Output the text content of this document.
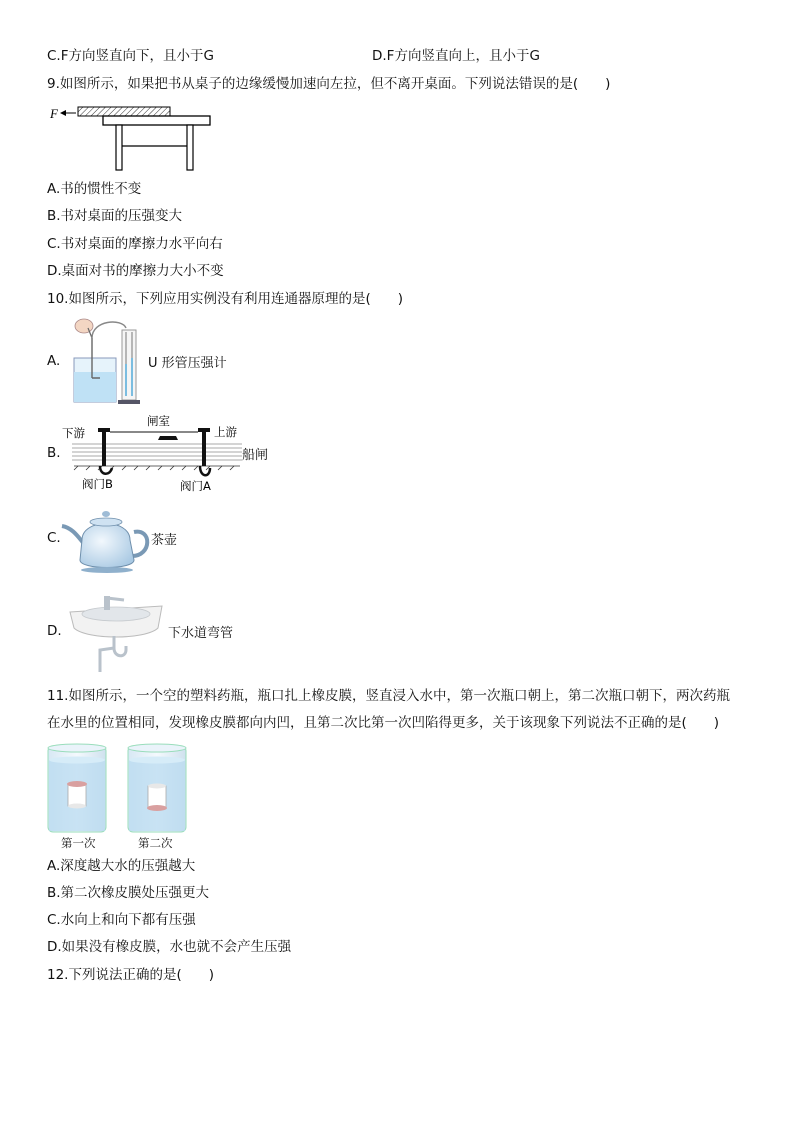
C.F方向竖直向下，且小于G	D.F方向竖直向上，且小于G
9.如图所示，如果把书从桌子的边缘缓慢加速向左拉，但不离开桌面。下列说法错误的是(　　)
F
A.书的惯性不变
B.书对桌面的压强变大
C.书对桌面的摩擦力水平向右
D.桌面对书的摩擦力大小不变
10.如图所示，下列应用实例没有利用连通器原理的是(　　)
A.	U 形管压强计
B.
下游
闸室
上游
阀门B	阀门A
船闸
C.	茶壶
D.	下水道弯管
11.如图所示，一个空的塑料药瓶，瓶口扎上橡皮膜，竖直浸入水中，第一次瓶口朝上，第二次瓶口朝下，两次药瓶
在水里的位置相同，发现橡皮膜都向内凹，且第二次比第一次凹陷得更多，关于该现象下列说法不正确的是(　　)
第一次	第二次
A.深度越大水的压强越大
B.第二次橡皮膜处压强更大
C.水向上和向下都有压强
D.如果没有橡皮膜，水也就不会产生压强
12.下列说法正确的是(　　)
